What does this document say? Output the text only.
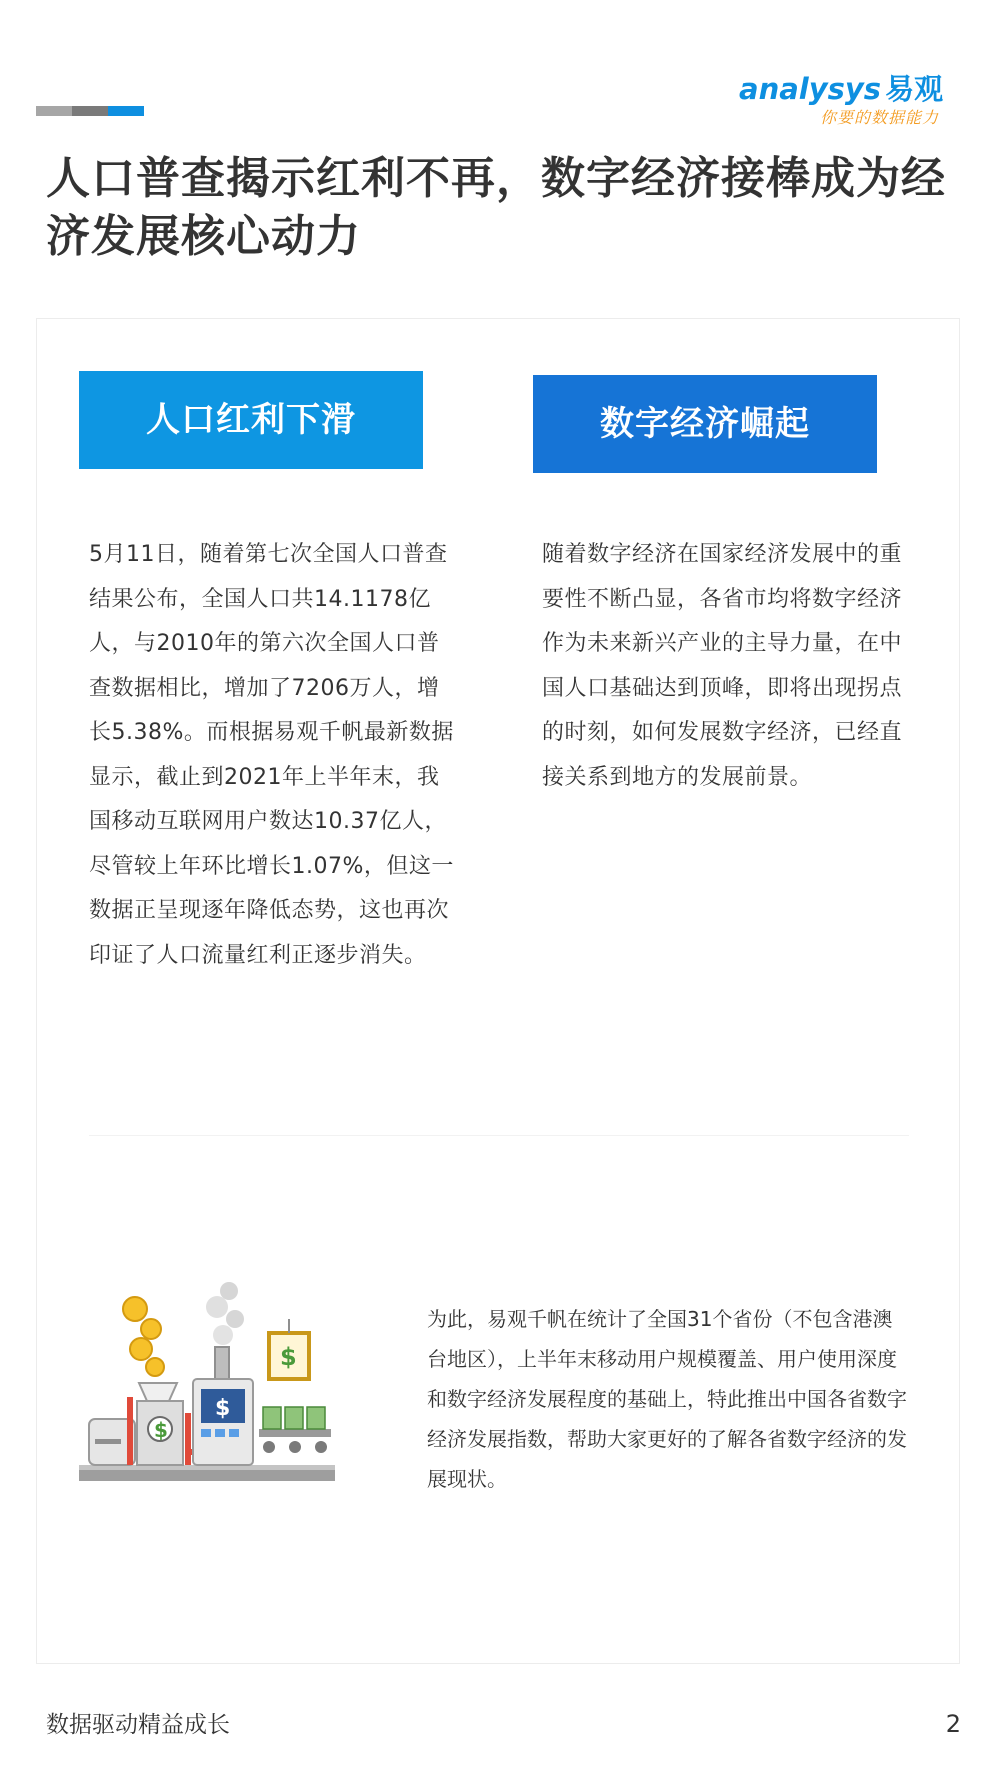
analysys 易观
你要的数据能力
人口普查揭示红利不再，数字经济接棒成为经济发展核心动力
人口红利下滑	数字经济崛起

5月11日，随着第七次全国人口普查结果公布，全国人口共14.1178亿人，与2010年的第六次全国人口普查数据相比，增加了7206万人，增长5.38%。而根据易观千帆最新数据显示，截止到2021年上半年末，我国移动互联网用户数达10.37亿人，尽管较上年环比增长1.07%，但这一数据正呈现逐年降低态势，这也再次印证了人口流量红利正逐步消失。

随着数字经济在国家经济发展中的重要性不断凸显，各省市均将数字经济作为未来新兴产业的主导力量，在中国人口基础达到顶峰，即将出现拐点的时刻，如何发展数字经济，已经直接关系到地方的发展前景。

$
$
$

为此，易观千帆在统计了全国31个省份（不包含港澳台地区），上半年末移动用户规模覆盖、用户使用深度和数字经济发展程度的基础上，特此推出中国各省数字经济发展指数，帮助大家更好的了解各省数字经济的发展现状。

数据驱动精益成长	2
